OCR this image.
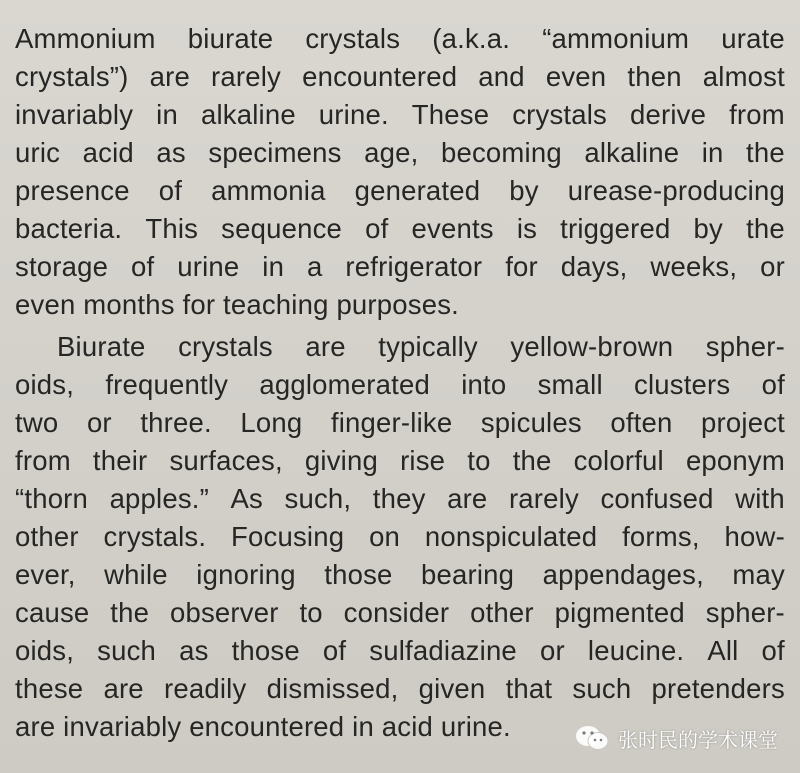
Ammonium biurate crystals (a.k.a. “ammonium urate
crystals”) are rarely encountered and even then almost
invariably in alkaline urine. These crystals derive from
uric acid as specimens age, becoming alkaline in the
presence of ammonia generated by urease-producing
bacteria. This sequence of events is triggered by the
storage of urine in a refrigerator for days, weeks, or
even months for teaching purposes.
Biurate crystals are typically yellow-brown spher-
oids, frequently agglomerated into small clusters of
two or three. Long finger-like spicules often project
from their surfaces, giving rise to the colorful eponym
“thorn apples.” As such, they are rarely confused with
other crystals. Focusing on nonspiculated forms, how-
ever, while ignoring those bearing appendages, may
cause the observer to consider other pigmented spher-
oids, such as those of sulfadiazine or leucine. All of
these are readily dismissed, given that such pretenders
are invariably encountered in acid urine.	张时民的学术课堂
